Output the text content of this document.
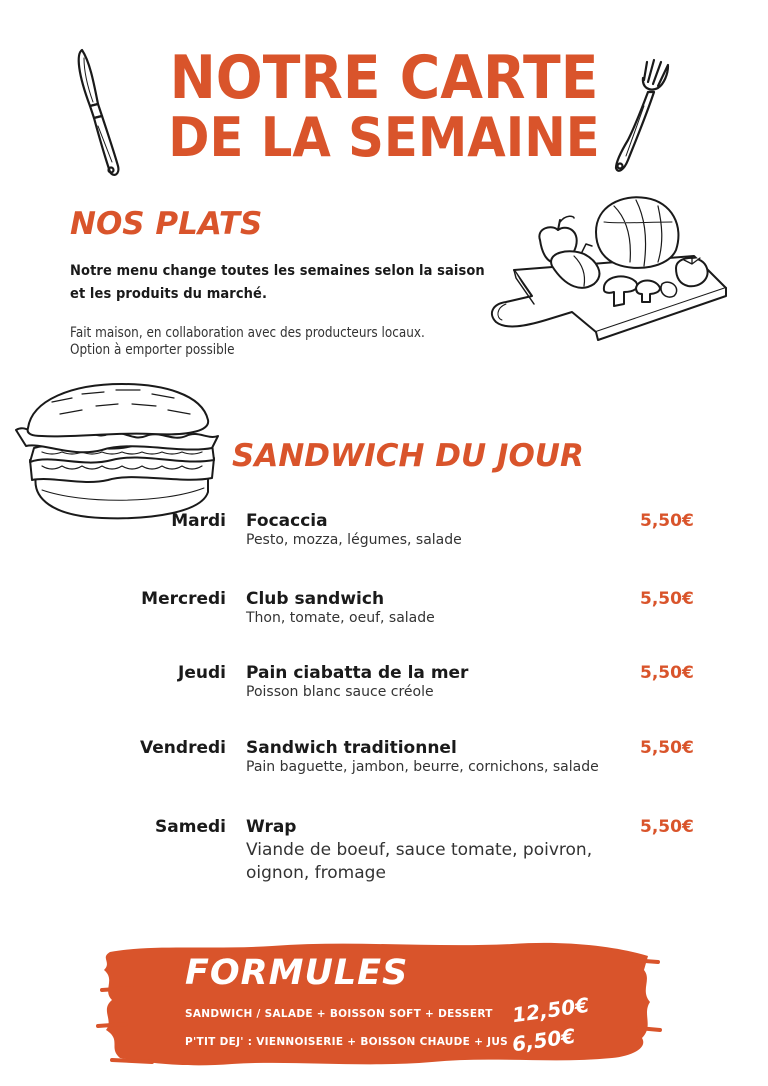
NOTRE CARTE
DE LA SEMAINE
NOS PLATS
Notre menu change toutes les semaines selon la saison
et les produits du marché.
Fait maison, en collaboration avec des producteurs locaux.
Option à emporter possible
SANDWICH DU JOUR
Mardi Focaccia
Pesto, mozza, légumes, salade
5,50€
Mercredi Club sandwich
Thon, tomate, oeuf, salade
5,50€
Jeudi Pain ciabatta de la mer
Poisson blanc sauce créole
5,50€
Vendredi Sandwich traditionnel
Pain baguette, jambon, beurre, cornichons, salade
5,50€
Samedi Wrap
Viande de boeuf, sauce tomate, poivron,
oignon, fromage
5,50€
FORMULES
SANDWICH / SALADE + BOISSON SOFT + DESSERT
P'TIT DEJ' : VIENNOISERIE + BOISSON CHAUDE + JUS
12,50€
6,50€
